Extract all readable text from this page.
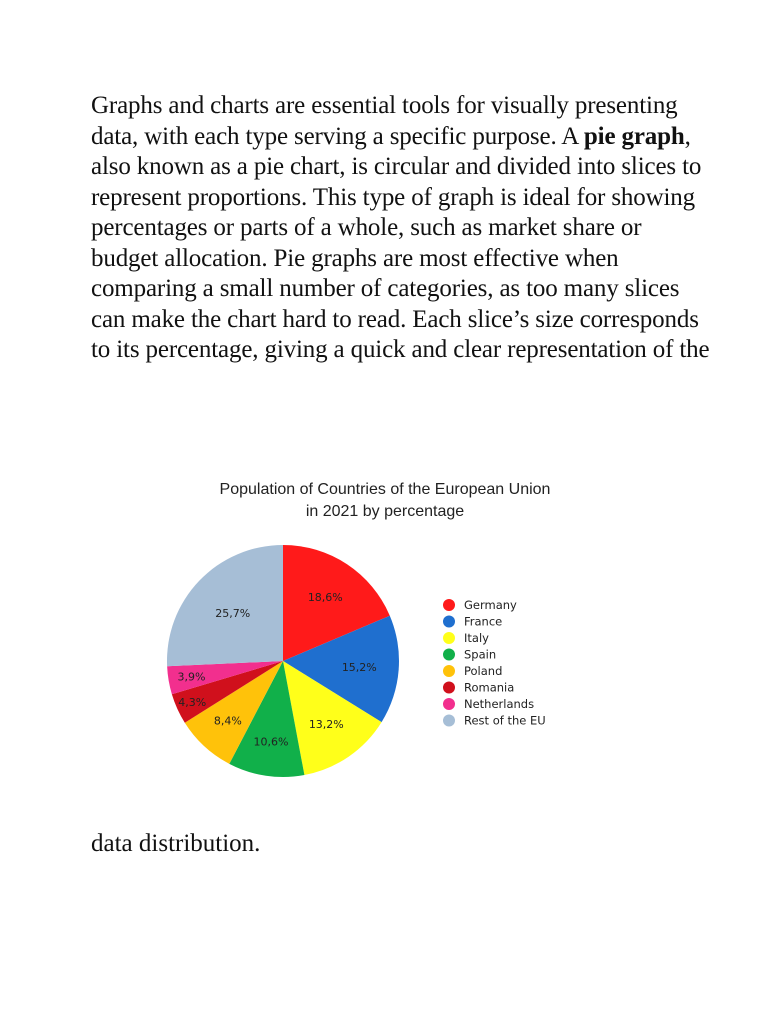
Graphs and charts are essential tools for visually presenting data, with each type serving a specific purpose. A pie graph, also known as a pie chart, is circular and divided into slices to represent proportions. This type of graph is ideal for showing percentages or parts of a whole, such as market share or budget allocation. Pie graphs are most effective when comparing a small number of categories, as too many slices can make the chart hard to read. Each slice’s size corresponds to its percentage, giving a quick and clear representation of the

Population of Countries of the European Union
in 2021 by percentage
18,6%
15,2%
13,2%
10,6%
8,4%
4,3%
3,9%
25,7%
Germany
France
Italy
Spain
Poland
Romania
Netherlands
Rest of the EU

data distribution.
